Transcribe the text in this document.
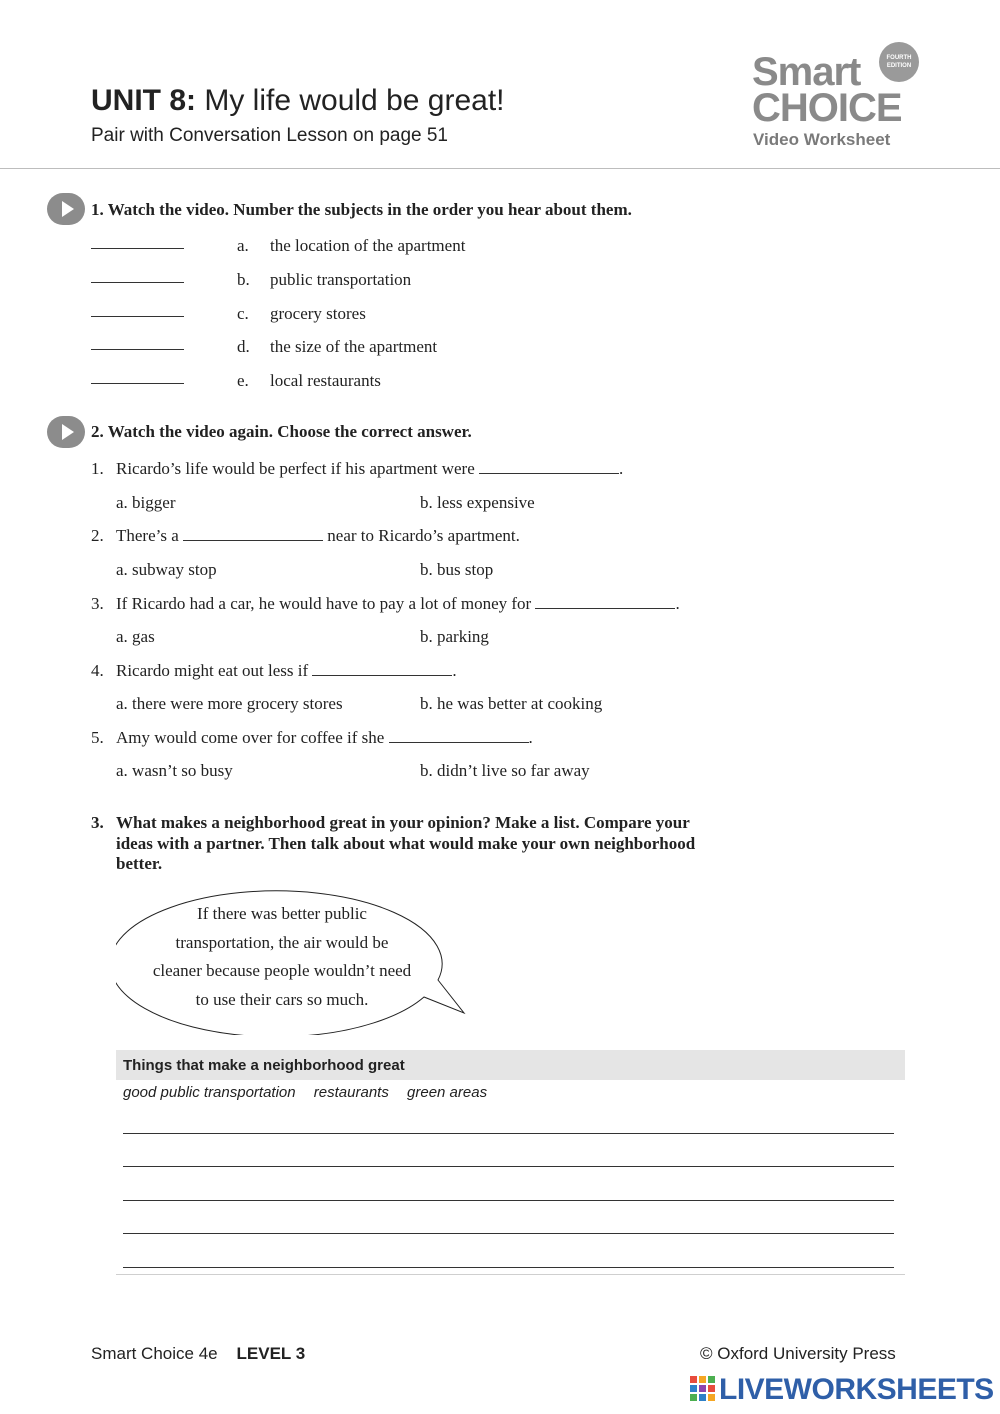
UNIT 8: My life would be great!
Pair with Conversation Lesson on page 51
Smart
CHOICE
Video Worksheet
FOURTH
EDITION
1. Watch the video. Number the subjects in the order you hear about them.
a. the location of the apartment
b. public transportation
c. grocery stores
d. the size of the apartment
e. local restaurants
2. Watch the video again. Choose the correct answer.
1. Ricardo’s life would be perfect if his apartment were	.
a. bigger	b. less expensive
2. There’s a	near to Ricardo’s apartment.
a. subway stop	b. bus stop
3. If Ricardo had a car, he would have to pay a lot of money for	.
a. gas	b. parking
4. Ricardo might eat out less if	.
a. there were more grocery stores	b. he was better at cooking
5. Amy would come over for coffee if she	.
a. wasn’t so busy	b. didn’t live so far away
3. What makes a neighborhood great in your opinion? Make a list. Compare your
ideas with a partner. Then talk about what would make your own neighborhood
better.
If there was better public
transportation, the air would be
cleaner because people wouldn’t need
to use their cars so much.
Things that make a neighborhood great
good public transportation restaurants green areas
Smart Choice 4e LEVEL 3	© Oxford University Press
LIVEWORKSHEETS
